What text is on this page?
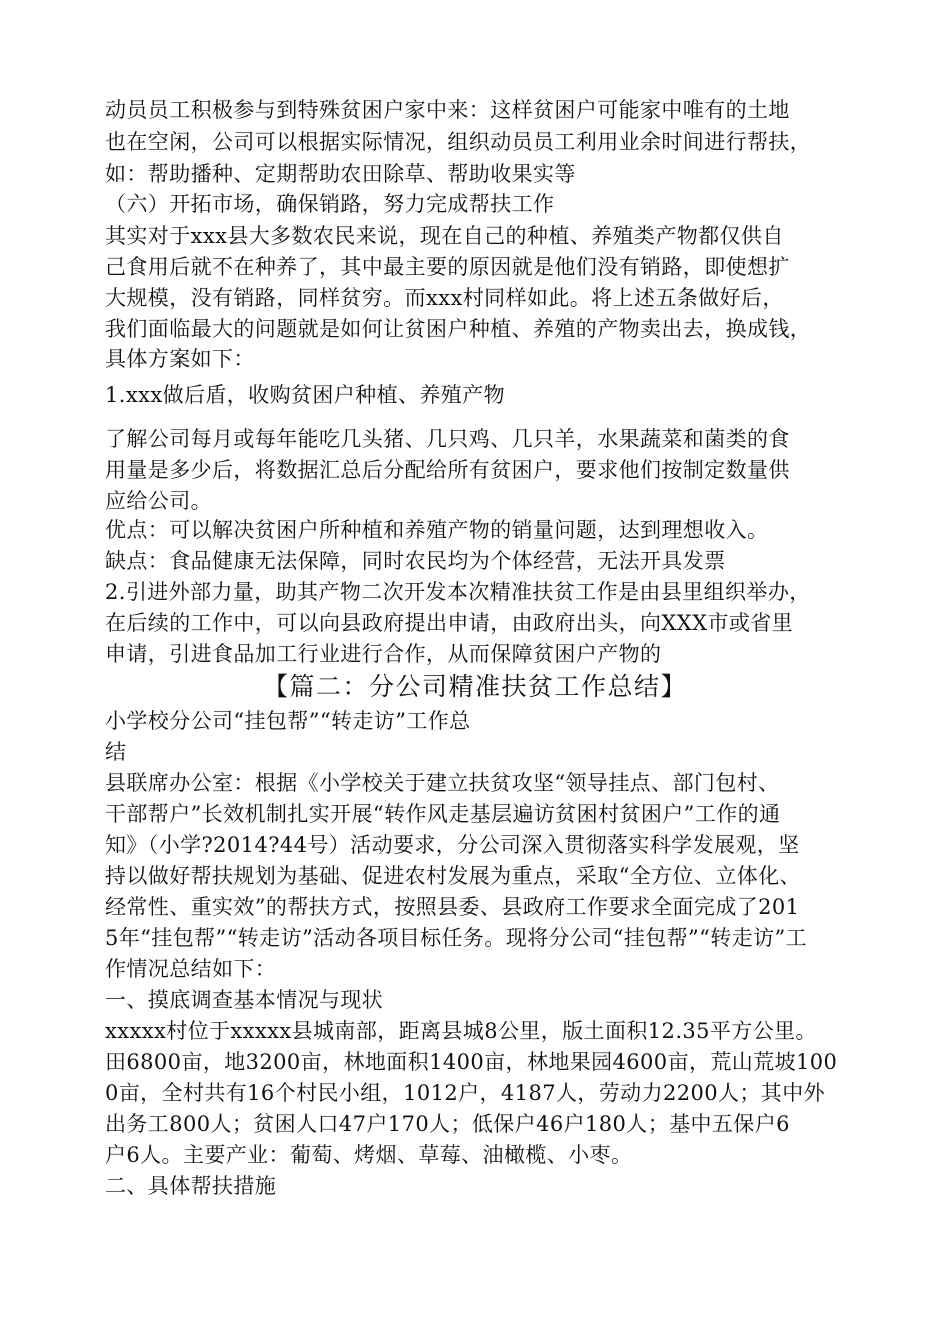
动员员工积极参与到特殊贫困户家中来：这样贫困户可能家中唯有的土地
也在空闲，公司可以根据实际情况，组织动员员工利用业余时间进行帮扶，
如：帮助播种、定期帮助农田除草、帮助收果实等
（六）开拓市场，确保销路，努力完成帮扶工作
其实对于xxx县大多数农民来说，现在自己的种植、养殖类产物都仅供自
己食用后就不在种养了，其中最主要的原因就是他们没有销路，即使想扩
大规模，没有销路，同样贫穷。而xxx村同样如此。将上述五条做好后，
我们面临最大的问题就是如何让贫困户种植、养殖的产物卖出去，换成钱，
具体方案如下：
1.xxx做后盾，收购贫困户种植、养殖产物
了解公司每月或每年能吃几头猪、几只鸡、几只羊，水果蔬菜和菌类的食
用量是多少后，将数据汇总后分配给所有贫困户，要求他们按制定数量供
应给公司。
优点：可以解决贫困户所种植和养殖产物的销量问题，达到理想收入。
缺点：食品健康无法保障，同时农民均为个体经营，无法开具发票
2.引进外部力量，助其产物二次开发本次精准扶贫工作是由县里组织举办，
在后续的工作中，可以向县政府提出申请，由政府出头，向XXX市或省里
申请，引进食品加工行业进行合作，从而保障贫困户产物的
【篇二：分公司精准扶贫工作总结】
小学校分公司“挂包帮”“转走访”工作总
结
县联席办公室：根据《小学校关于建立扶贫攻坚“领导挂点、部门包村、
干部帮户”长效机制扎实开展“转作风走基层遍访贫困村贫困户”工作的通
知》（小学?2014?44号）活动要求，分公司深入贯彻落实科学发展观，坚
持以做好帮扶规划为基础、促进农村发展为重点，采取“全方位、立体化、
经常性、重实效”的帮扶方式，按照县委、县政府工作要求全面完成了201
5年“挂包帮”“转走访”活动各项目标任务。现将分公司“挂包帮”“转走访”工
作情况总结如下：
一、摸底调查基本情况与现状
xxxxx村位于xxxxx县城南部，距离县城8公里，版土面积12.35平方公里。
田6800亩，地3200亩，林地面积1400亩，林地果园4600亩，荒山荒坡100
0亩，全村共有16个村民小组，1012户，4187人，劳动力2200人；其中外
出务工800人；贫困人口47户170人；低保户46户180人；基中五保户6
户6人。主要产业：葡萄、烤烟、草莓、油橄榄、小枣。
二、具体帮扶措施
